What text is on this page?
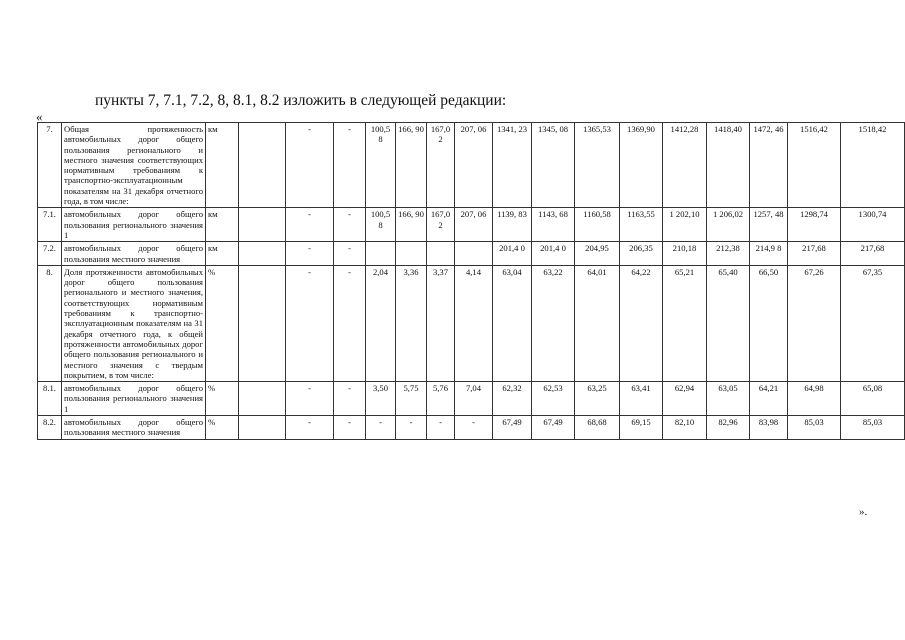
пункты 7, 7.1, 7.2, 8, 8.1, 8.2 изложить в следующей редакции:
«
7.	Общая протяженность автомобильных дорог общего пользования регионального и местного значения соответствующих нормативным требованиям к транспортно-эксплуатационным показателям на 31 декабря отчетного года, в том числе:	км		-	-	100,5 8	166, 90	167,0 2	207, 06	1341, 23	1345, 08	1365,53	1369,90	1412,28	1418,40	1472, 46	1516,42	1518,42
7.1.	автомобильных дорог общего пользования регионального значения 1	км		-	-	100,5 8	166, 90	167,0 2	207, 06	1139, 83	1143, 68	1160,58	1163,55	1 202,10	1 206,02	1257, 48	1298,74	1300,74
7.2.	автомобильных дорог общего пользования местного значения	км		-	-					201,4 0	201,4 0	204,95	206,35	210,18	212,38	214,9 8	217,68	217,68
8.	Доля протяженности автомобильных дорог общего пользования регионального и местного значения, соответствующих нормативным требованиям к транспортно-эксплуатационным показателям на 31 декабря отчетного года, к общей протяженности автомобильных дорог общего пользования регионального и местного значения с твердым покрытием, в том числе:	%		-	-	2,04	3,36	3,37	4,14	63,04	63,22	64,01	64,22	65,21	65,40	66,50	67,26	67,35
8.1.	автомобильных дорог общего пользования регионального значения 1	%		-	-	3,50	5,75	5,76	7,04	62,32	62,53	63,25	63,41	62,94	63,05	64,21	64,98	65,08
8.2.	автомобильных дорог общего пользования местного значения	%		-	-	-	-	-	-	67,49	67,49	68,68	69,15	82,10	82,96	83,98	85,03	85,03
».
